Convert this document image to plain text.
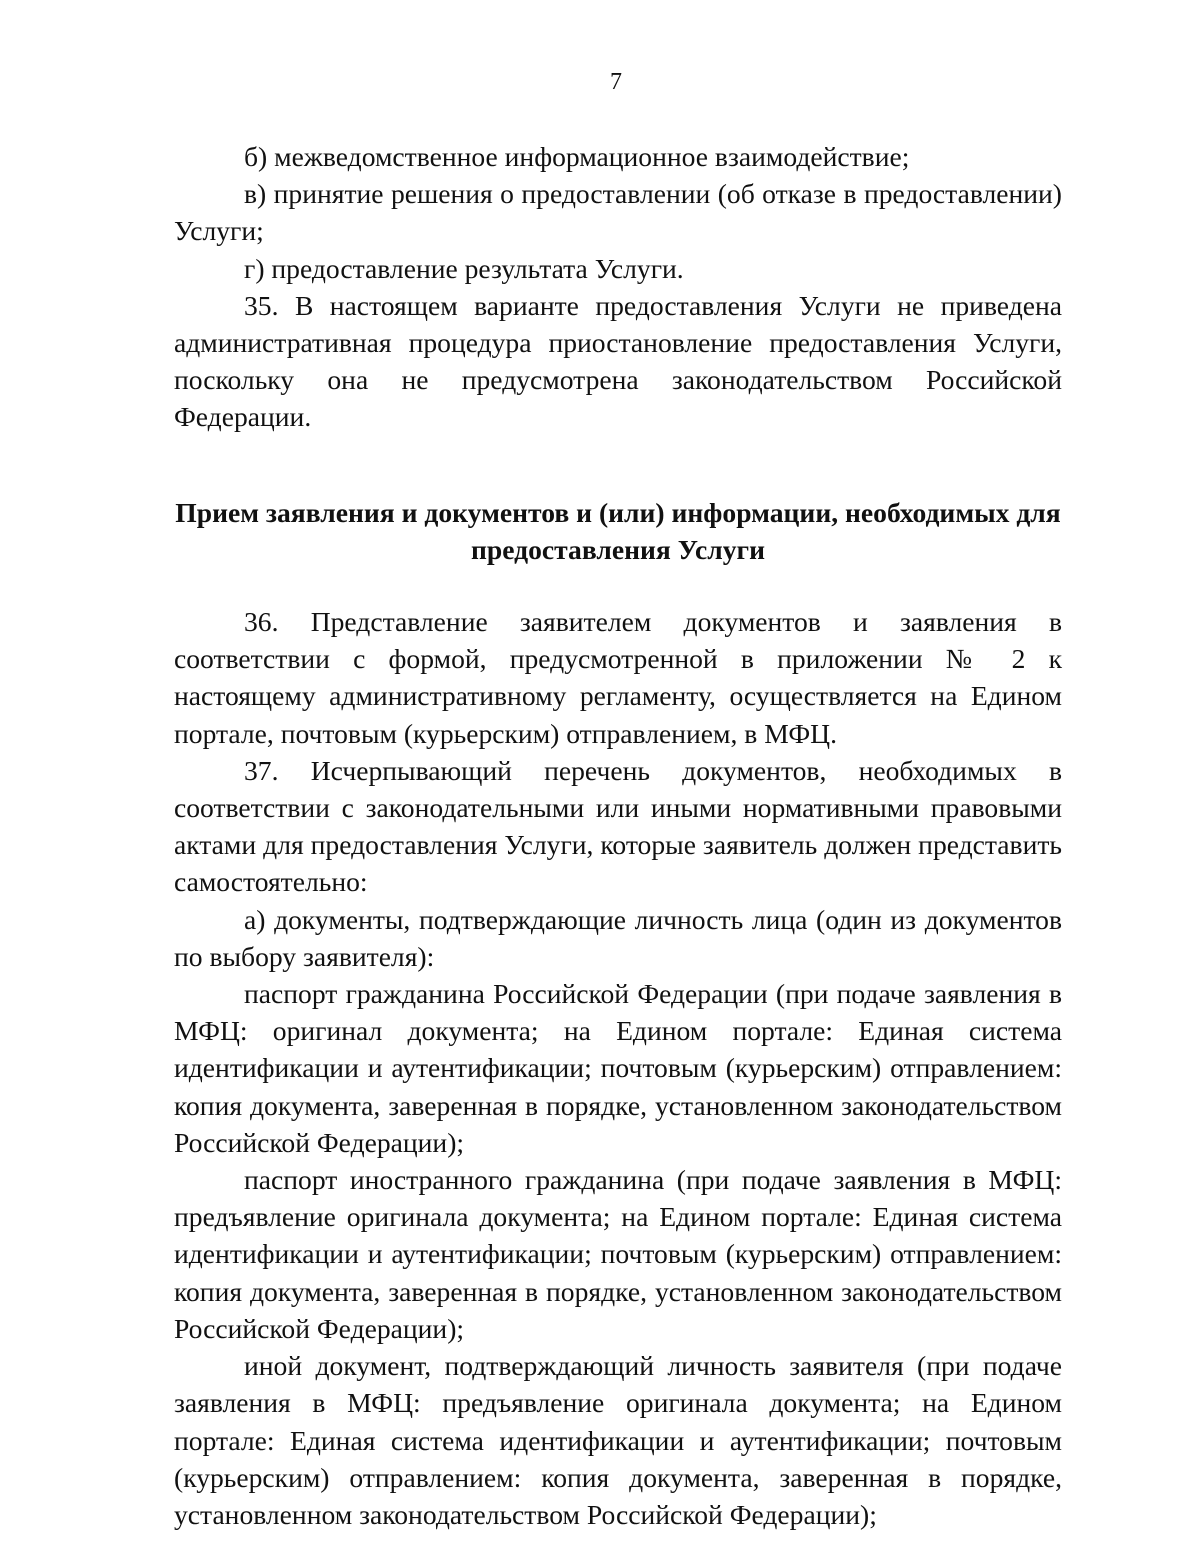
7

б) межведомственное информационное взаимодействие;

в) принятие решения о предоставлении (об отказе в предоставлении) Услуги;

г) предоставление результата Услуги.

35. В настоящем варианте предоставления Услуги не приведена административная процедура приостановление предоставления Услуги, поскольку она не предусмотрена законодательством Российской Федерации.

Прием заявления и документов и (или) информации, необходимых для предоставления Услуги

36. Представление заявителем документов и заявления в соответствии с формой, предусмотренной в приложении № 2 к настоящему административному регламенту, осуществляется на Едином портале, почтовым (курьерским) отправлением, в МФЦ.

37. Исчерпывающий перечень документов, необходимых в соответствии с законодательными или иными нормативными правовыми актами для предоставления Услуги, которые заявитель должен представить самостоятельно:

а) документы, подтверждающие личность лица (один из документов по выбору заявителя):

паспорт гражданина Российской Федерации (при подаче заявления в МФЦ: оригинал документа; на Едином портале: Единая система идентификации и аутентификации; почтовым (курьерским) отправлением: копия документа, заверенная в порядке, установленном законодательством Российской Федерации);

паспорт иностранного гражданина (при подаче заявления в МФЦ: предъявление оригинала документа; на Едином портале: Единая система идентификации и аутентификации; почтовым (курьерским) отправлением: копия документа, заверенная в порядке, установленном законодательством Российской Федерации);

иной документ, подтверждающий личность заявителя (при подаче заявления в МФЦ: предъявление оригинала документа; на Едином портале: Единая система идентификации и аутентификации; почтовым (курьерским) отправлением: копия документа, заверенная в порядке, установленном законодательством Российской Федерации);
